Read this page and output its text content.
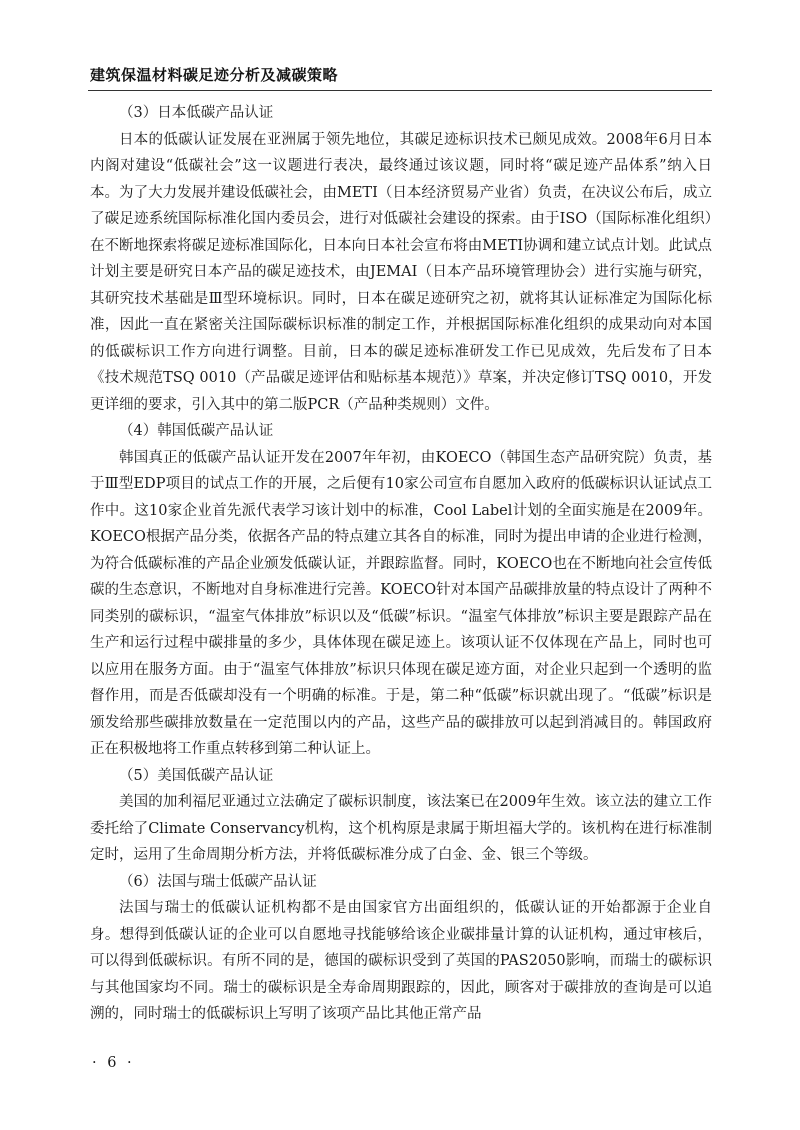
建筑保温材料碳足迹分析及减碳策略

（3）日本低碳产品认证

日本的低碳认证发展在亚洲属于领先地位，其碳足迹标识技术已颇见成效。2008年6月日本内阁对建设“低碳社会”这一议题进行表决，最终通过该议题，同时将“碳足迹产品体系”纳入日本。为了大力发展并建设低碳社会，由METI（日本经济贸易产业省）负责，在决议公布后，成立了碳足迹系统国际标准化国内委员会，进行对低碳社会建设的探索。由于ISO（国际标准化组织）在不断地探索将碳足迹标准国际化，日本向日本社会宣布将由METI协调和建立试点计划。此试点计划主要是研究日本产品的碳足迹技术，由JEMAI（日本产品环境管理协会）进行实施与研究，其研究技术基础是Ⅲ型环境标识。同时，日本在碳足迹研究之初，就将其认证标准定为国际化标准，因此一直在紧密关注国际碳标识标准的制定工作，并根据国际标准化组织的成果动向对本国的低碳标识工作方向进行调整。目前，日本的碳足迹标准研发工作已见成效，先后发布了日本《技术规范TSQ 0010（产品碳足迹评估和贴标基本规范）》草案，并决定修订TSQ 0010，开发更详细的要求，引入其中的第二版PCR（产品种类规则）文件。

（4）韩国低碳产品认证

韩国真正的低碳产品认证开发在2007年年初，由KOECO（韩国生态产品研究院）负责，基于Ⅲ型EDP项目的试点工作的开展，之后便有10家公司宣布自愿加入政府的低碳标识认证试点工作中。这10家企业首先派代表学习该计划中的标准，Cool Label计划的全面实施是在2009年。KOECO根据产品分类，依据各产品的特点建立其各自的标准，同时为提出申请的企业进行检测，为符合低碳标准的产品企业颁发低碳认证，并跟踪监督。同时，KOECO也在不断地向社会宣传低碳的生态意识，不断地对自身标准进行完善。KOECO针对本国产品碳排放量的特点设计了两种不同类别的碳标识，“温室气体排放”标识以及“低碳”标识。“温室气体排放”标识主要是跟踪产品在生产和运行过程中碳排量的多少，具体体现在碳足迹上。该项认证不仅体现在产品上，同时也可以应用在服务方面。由于“温室气体排放”标识只体现在碳足迹方面，对企业只起到一个透明的监督作用，而是否低碳却没有一个明确的标准。于是，第二种“低碳”标识就出现了。“低碳”标识是颁发给那些碳排放数量在一定范围以内的产品，这些产品的碳排放可以起到消减目的。韩国政府正在积极地将工作重点转移到第二种认证上。

（5）美国低碳产品认证

美国的加利福尼亚通过立法确定了碳标识制度，该法案已在2009年生效。该立法的建立工作委托给了Climate Conservancy机构，这个机构原是隶属于斯坦福大学的。该机构在进行标准制定时，运用了生命周期分析方法，并将低碳标准分成了白金、金、银三个等级。

（6）法国与瑞士低碳产品认证

法国与瑞士的低碳认证机构都不是由国家官方出面组织的，低碳认证的开始都源于企业自身。想得到低碳认证的企业可以自愿地寻找能够给该企业碳排量计算的认证机构，通过审核后，可以得到低碳标识。有所不同的是，德国的碳标识受到了英国的PAS2050影响，而瑞士的碳标识与其他国家均不同。瑞士的碳标识是全寿命周期跟踪的，因此，顾客对于碳排放的查询是可以追溯的，同时瑞士的低碳标识上写明了该项产品比其他正常产品

· 6 ·
